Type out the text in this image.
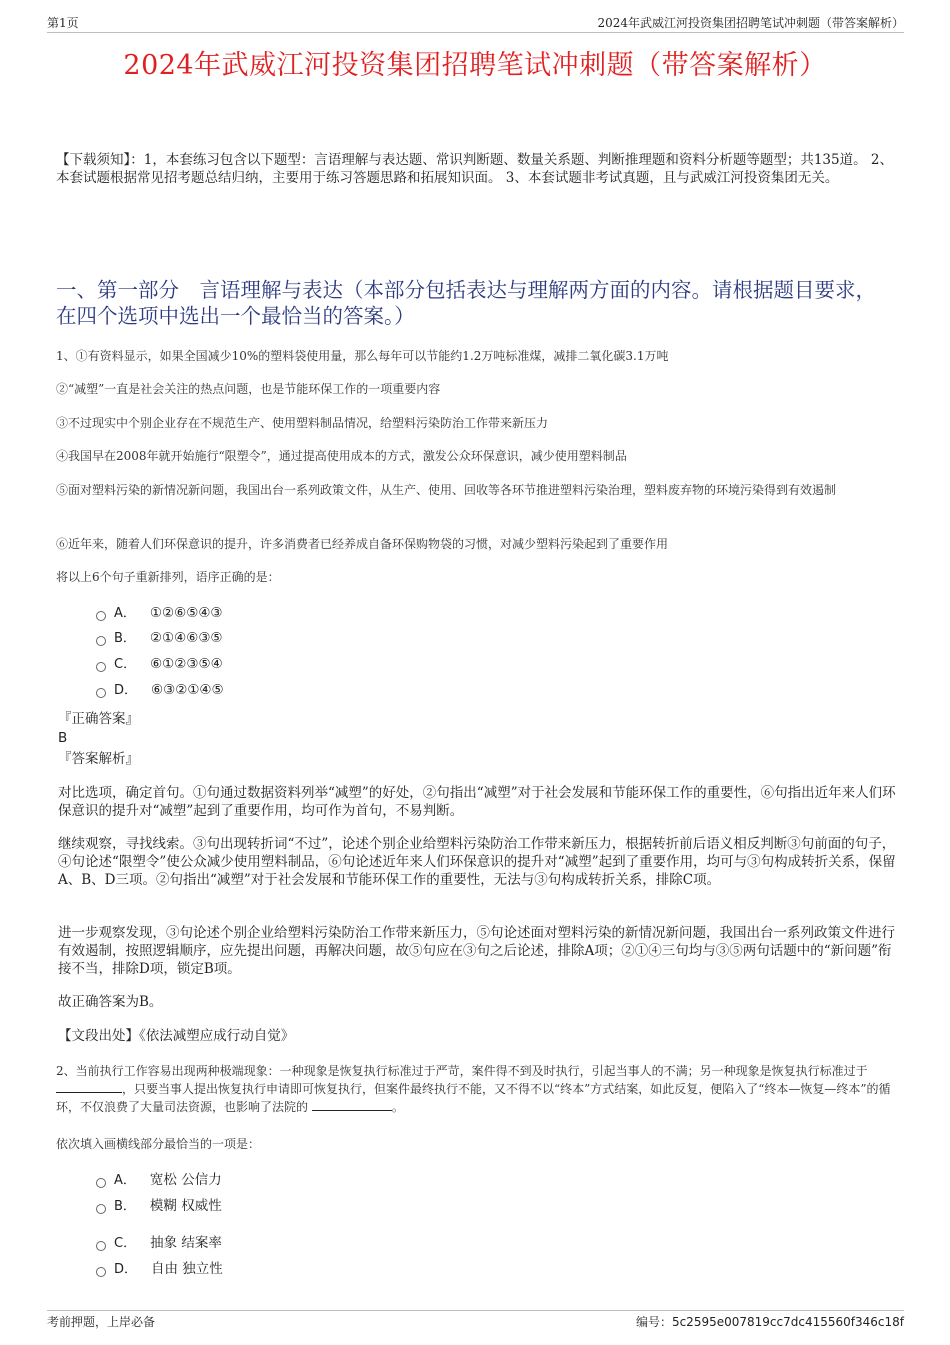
第1页	2024年武威江河投资集团招聘笔试冲刺题（带答案解析）
2024年武威江河投资集团招聘笔试冲刺题（带答案解析）
【下载须知】：1，本套练习包含以下题型：言语理解与表达题、常识判断题、数量关系题、判断推理题和资料分析题等题型；共135道。 2、本套试题根据常见招考题总结归纳，主要用于练习答题思路和拓展知识面。 3、本套试题非考试真题，且与武威江河投资集团无关。
一、第一部分　言语理解与表达（本部分包括表达与理解两方面的内容。请根据题目要求，在四个选项中选出一个最恰当的答案。）
1、①有资料显示，如果全国减少10%的塑料袋使用量，那么每年可以节能约1.2万吨标准煤，减排二氧化碳3.1万吨
②“减塑”一直是社会关注的热点问题，也是节能环保工作的一项重要内容
③不过现实中个别企业存在不规范生产、使用塑料制品情况，给塑料污染防治工作带来新压力
④我国早在2008年就开始施行“限塑令”，通过提高使用成本的方式，激发公众环保意识，减少使用塑料制品
⑤面对塑料污染的新情况新问题，我国出台一系列政策文件，从生产、使用、回收等各环节推进塑料污染治理，塑料废弃物的环境污染得到有效遏制
⑥近年来，随着人们环保意识的提升，许多消费者已经养成自备环保购物袋的习惯，对减少塑料污染起到了重要作用
将以上6个句子重新排列，语序正确的是：
A． ①②⑥⑤④③
B． ②①④⑥③⑤
C． ⑥①②③⑤④
D． ⑥③②①④⑤
『正确答案』
B
『答案解析』
对比选项，确定首句。①句通过数据资料列举“减塑”的好处，②句指出“减塑”对于社会发展和节能环保工作的重要性，⑥句指出近年来人们环保意识的提升对“减塑”起到了重要作用，均可作为首句，不易判断。
继续观察，寻找线索。③句出现转折词“不过”，论述个别企业给塑料污染防治工作带来新压力，根据转折前后语义相反判断③句前面的句子，④句论述“限塑令”使公众减少使用塑料制品，⑥句论述近年来人们环保意识的提升对“减塑”起到了重要作用，均可与③句构成转折关系，保留A、B、D三项。②句指出“减塑”对于社会发展和节能环保工作的重要性，无法与③句构成转折关系，排除C项。
进一步观察发现，③句论述个别企业给塑料污染防治工作带来新压力，⑤句论述面对塑料污染的新情况新问题，我国出台一系列政策文件进行有效遏制，按照逻辑顺序，应先提出问题，再解决问题，故⑤句应在③句之后论述，排除A项；②①④三句均与③⑤两句话题中的“新问题”衔接不当，排除D项，锁定B项。
故正确答案为B。
【文段出处】《依法减塑应成行动自觉》
2、当前执行工作容易出现两种极端现象：一种现象是恢复执行标准过于严苛，案件得不到及时执行，引起当事人的不满；另一种现象是恢复执行标准过于 ，只要当事人提出恢复执行申请即可恢复执行，但案件最终执行不能，又不得不以“终本”方式结案，如此反复，便陷入了“终本—恢复—终本”的循环，不仅浪费了大量司法资源，也影响了法院的	。
依次填入画横线部分最恰当的一项是：
A． 宽松 公信力
B． 模糊 权威性
C． 抽象 结案率
D． 自由 独立性
考前押题，上岸必备	编号：5c2595e007819cc7dc415560f346c18f
